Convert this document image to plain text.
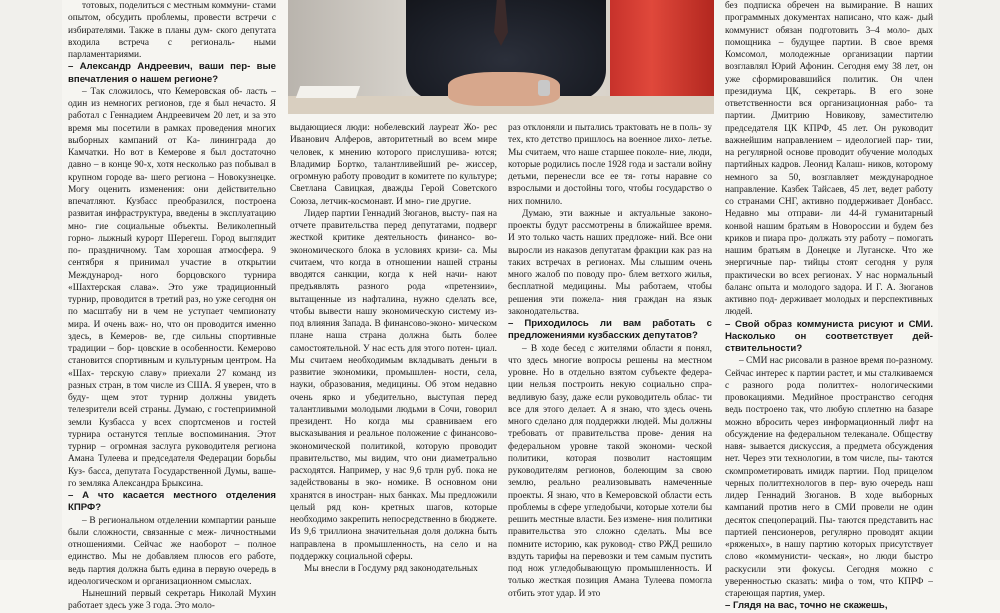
тотовых, поделиться с местным коммуни- стами опытом, обсудить проблемы, провести встречи с избирателями. Также в планы дум- ского депутата входила встреча с региональ- ными парламентариями.

– Александр Андреевич, ваши пер- вые впечатления о нашем регионе?

– Так сложилось, что Кемеровская об- ласть – один из немногих регионов, где я был нечасто. Я работал с Геннадием Андреевичем 20 лет, и за это время мы посетили в рамках проведения многих выборных кампаний от Ка- лининграда до Камчатки. Но вот в Кемерове я был достаточно давно – в конце 90-х, хотя несколько раз побывал в крупном городе ва- шего региона – Новокузнецке. Могу оценить изменения: они действительно впечатляют. Кузбасс преобразился, построена развитая инфраструктура, введены в эксплуатацию мно- гие социальные объекты. Великолепный горно- лыжный курорт Шерегеш. Город выглядит по- праздничному. Там хорошая атмосфера. 9 сентября я принимал участие в открытии Международ- ного борцовского турнира «Шахтерская слава». Это уже традиционный турнир, проводится в третий раз, но уже сегодня он по масштабу ни в чем не уступает чемпионату мира. И очень важ- но, что он проводится именно здесь, в Кемеров- ве, где сильны спортивные традиции – бор- цовские в особенности. Кемерово становится спортивным и культурным центром. На «Шах- терскую славу» приехали 27 команд из разных стран, в том числе из США. Я уверен, что в буду- щем этот турнир должны увидеть телезрители всей страны. Думаю, с гостеприимной земли Кузбасса у всех спортсменов и гостей турнира останутся теплые воспоминания. Этот турнир – огромная заслуга руководителя региона Амана Тулеева и председателя Федерации борьбы Куз- басса, депутата Государственной Думы, ваше- го земляка Александра Брыксина.

– А что касается местного отделения КПРФ?

– В региональном отделении компартии раньше были сложности, связанные с меж- личностными отношениями. Сейчас же наоборот – полное единство. Мы не добавляем плюсов его работе, ведь партия должна быть едина в первую очередь в идеологическом и организационном смыслах.

Нынешний первый секретарь Николай Мухин работает здесь уже 3 года. Это моло-

выдающиеся люди: нобелевский лауреат Жо- рес Иванович Алферов, авторитетный во всем мире человек, к мнению которого прислушива- ются; Владимир Бортко, талантливейший ре- жиссер, огромную работу проводит в комитете по культуре; Светлана Савицкая, дважды Герой Советского Союза, летчик-космонавт. И мно- гие другие.

Лидер партии Геннадий Зюганов, высту- пая на отчете правительства перед депутатами, подверг жесткой критике деятельность финансо- во-экономического блока в условиях кризи- са. Мы считаем, что когда в отношении нашей страны вводятся санкции, когда к ней начи- нают предъявлять разного рода «претензии», вытащенные из нафталина, нужно сделать все, чтобы вывести нашу экономическую систему из-под влияния Запада. В финансово-эконо- мическом плане наша страна должна быть более самостоятельной. У нас есть для этого потен- циал. Мы считаем необходимым вкладывать деньги в развитие экономики, промышлен- ности, села, науки, образования, медицины. Об этом недавно очень ярко и убедительно, выступая перед талантливыми молодыми людьми в Сочи, говорил президент. Но когда мы сравниваем его высказывания и реальное положение с финансово-экономической политикой, которую проводит правительство, мы видим, что они диаметрально расходятся. Например, у нас 9,6 трлн руб. пока не задействованы в эко- номике. В основном они хранятся в иностран- ных банках. Мы предложили целый ряд кон- кретных шагов, которые необходимо закрепить непосредственно в бюджете. Из 9,6 триллиона значительная доля должна быть направлена в промышленность, на село и на поддержку социальной сферы.

Мы внесли в Госдуму ряд законодательных

раз отклоняли и пытались трактовать не в поль- зу тех, кто детство пришлось на военное лихо- летье. Мы считаем, что наше старшее поколе- ние, люди, которые родились после 1928 года и застали войну детьми, перенесли все ее тя- готы наравне со взрослыми и достойны того, чтобы государство о них помнило.

Думаю, эти важные и актуальные законо- проекты будут рассмотрены в ближайшее время. И это только часть наших предложе- ний. Все они выросли из наказов депутатам фракции как раз на таких встречах в регионах. Мы слышим очень много жалоб по поводу про- блем ветхого жилья, бесплатной медицины. Мы работаем, чтобы решения эти пожела- ния граждан на язык законодательства.

– Приходилось ли вам работать с предложениями кузбасских депутатов?

– В ходе бесед с жителями области я понял, что здесь многие вопросы решены на местном уровне. Но в отдельно взятом субъекте федера- ции нельзя построить некую социально спра- ведливую базу, даже если руководитель облас- ти все для этого делает. А я знаю, что здесь очень много сделано для поддержки людей. Мы должны требовать от правительства прове- дения на федеральном уровне такой экономи- ческой политики, которая позволит настоящим руководителям регионов, болеющим за свою землю, реально реализовывать намеченные проекты. Я знаю, что в Кемеровской области есть проблемы в сфере угледобычи, которые хотели бы решить местные власти. Без измене- ния политики правительства это сложно сделать. Мы все помните историю, как руковод- ство РЖД решило вздуть тарифы на перевозки и тем самым пустить под нож угледобывающую промышленность. И только жесткая позиция Амана Тулеева помогла отбить этот удар. И это

без подписка обречен на вымирание. В наших программных документах написано, что каж- дый коммунист обязан подготовить 3–4 моло- дых помощника – будущее партии. В свое время Комсомол, молодежные организации партии возглавлял Юрий Афонин. Сегодня ему 38 лет, он уже сформировавшийся политик. Он член президиума ЦК, секретарь. В его зоне ответственности вся организационная рабо- та партии. Дмитрию Новикову, заместителю председателя ЦК КПРФ, 45 лет. Он руководит важнейшим направлением – идеологией пар- тии, на регулярной основе проводит обучение молодых партийных кадров. Леонид Калаш- ников, которому немного за 50, возглавляет международное направление. Казбек Тайсаев, 45 лет, ведет работу со странами СНГ, активно поддерживает Донбасс. Недавно мы отправи- ли 44-й гуманитарный конвой нашим братьям в Новороссии и будем без криков и пиара про- должать эту работу – помогать нашим братьям в Донецке и Луганске. Что же энергичные пар- тийцы стоят сегодня у руля практически во всех регионах. У нас нормальный баланс опыта и молодого задора. И Г. А. Зюганов активно под- держивает молодых и перспективных людей.

– Свой образ коммуниста рисуют и СМИ. Насколько он соответствует дей- ствительности?

– СМИ нас рисовали в разное время по-разному. Сейчас интерес к партии растет, и мы сталкиваемся с разного рода политтех- нологическими провокациями. Медийное пространство сегодня ведь построено так, что любую сплетню на базаре можно вбросить через информационный лифт на обсуждение на федеральном телеканале. Обществу навя- зывается дискуссия, а предмета обсуждения нет. Через эти технологии, в том числе, пы- таются скомпрометировать имидж партии. Под прицелом черных политтехнологов в пер- вую очередь наш лидер Геннадий Зюганов. В ходе выборных кампаний против него в СМИ провели не один десяток спецопераций. Пы- таются представить нас партией пенсионеров, регулярно проводят акции «ряженых», в нашу партию которых присутствует слово «коммунисти- ческая», но люди быстро раскусили эти фокусы. Сегодня можно с уверенностью сказать: мифа о том, что КПРФ – стареющая партия, умер.

– Глядя на вас, точно не скажешь,
